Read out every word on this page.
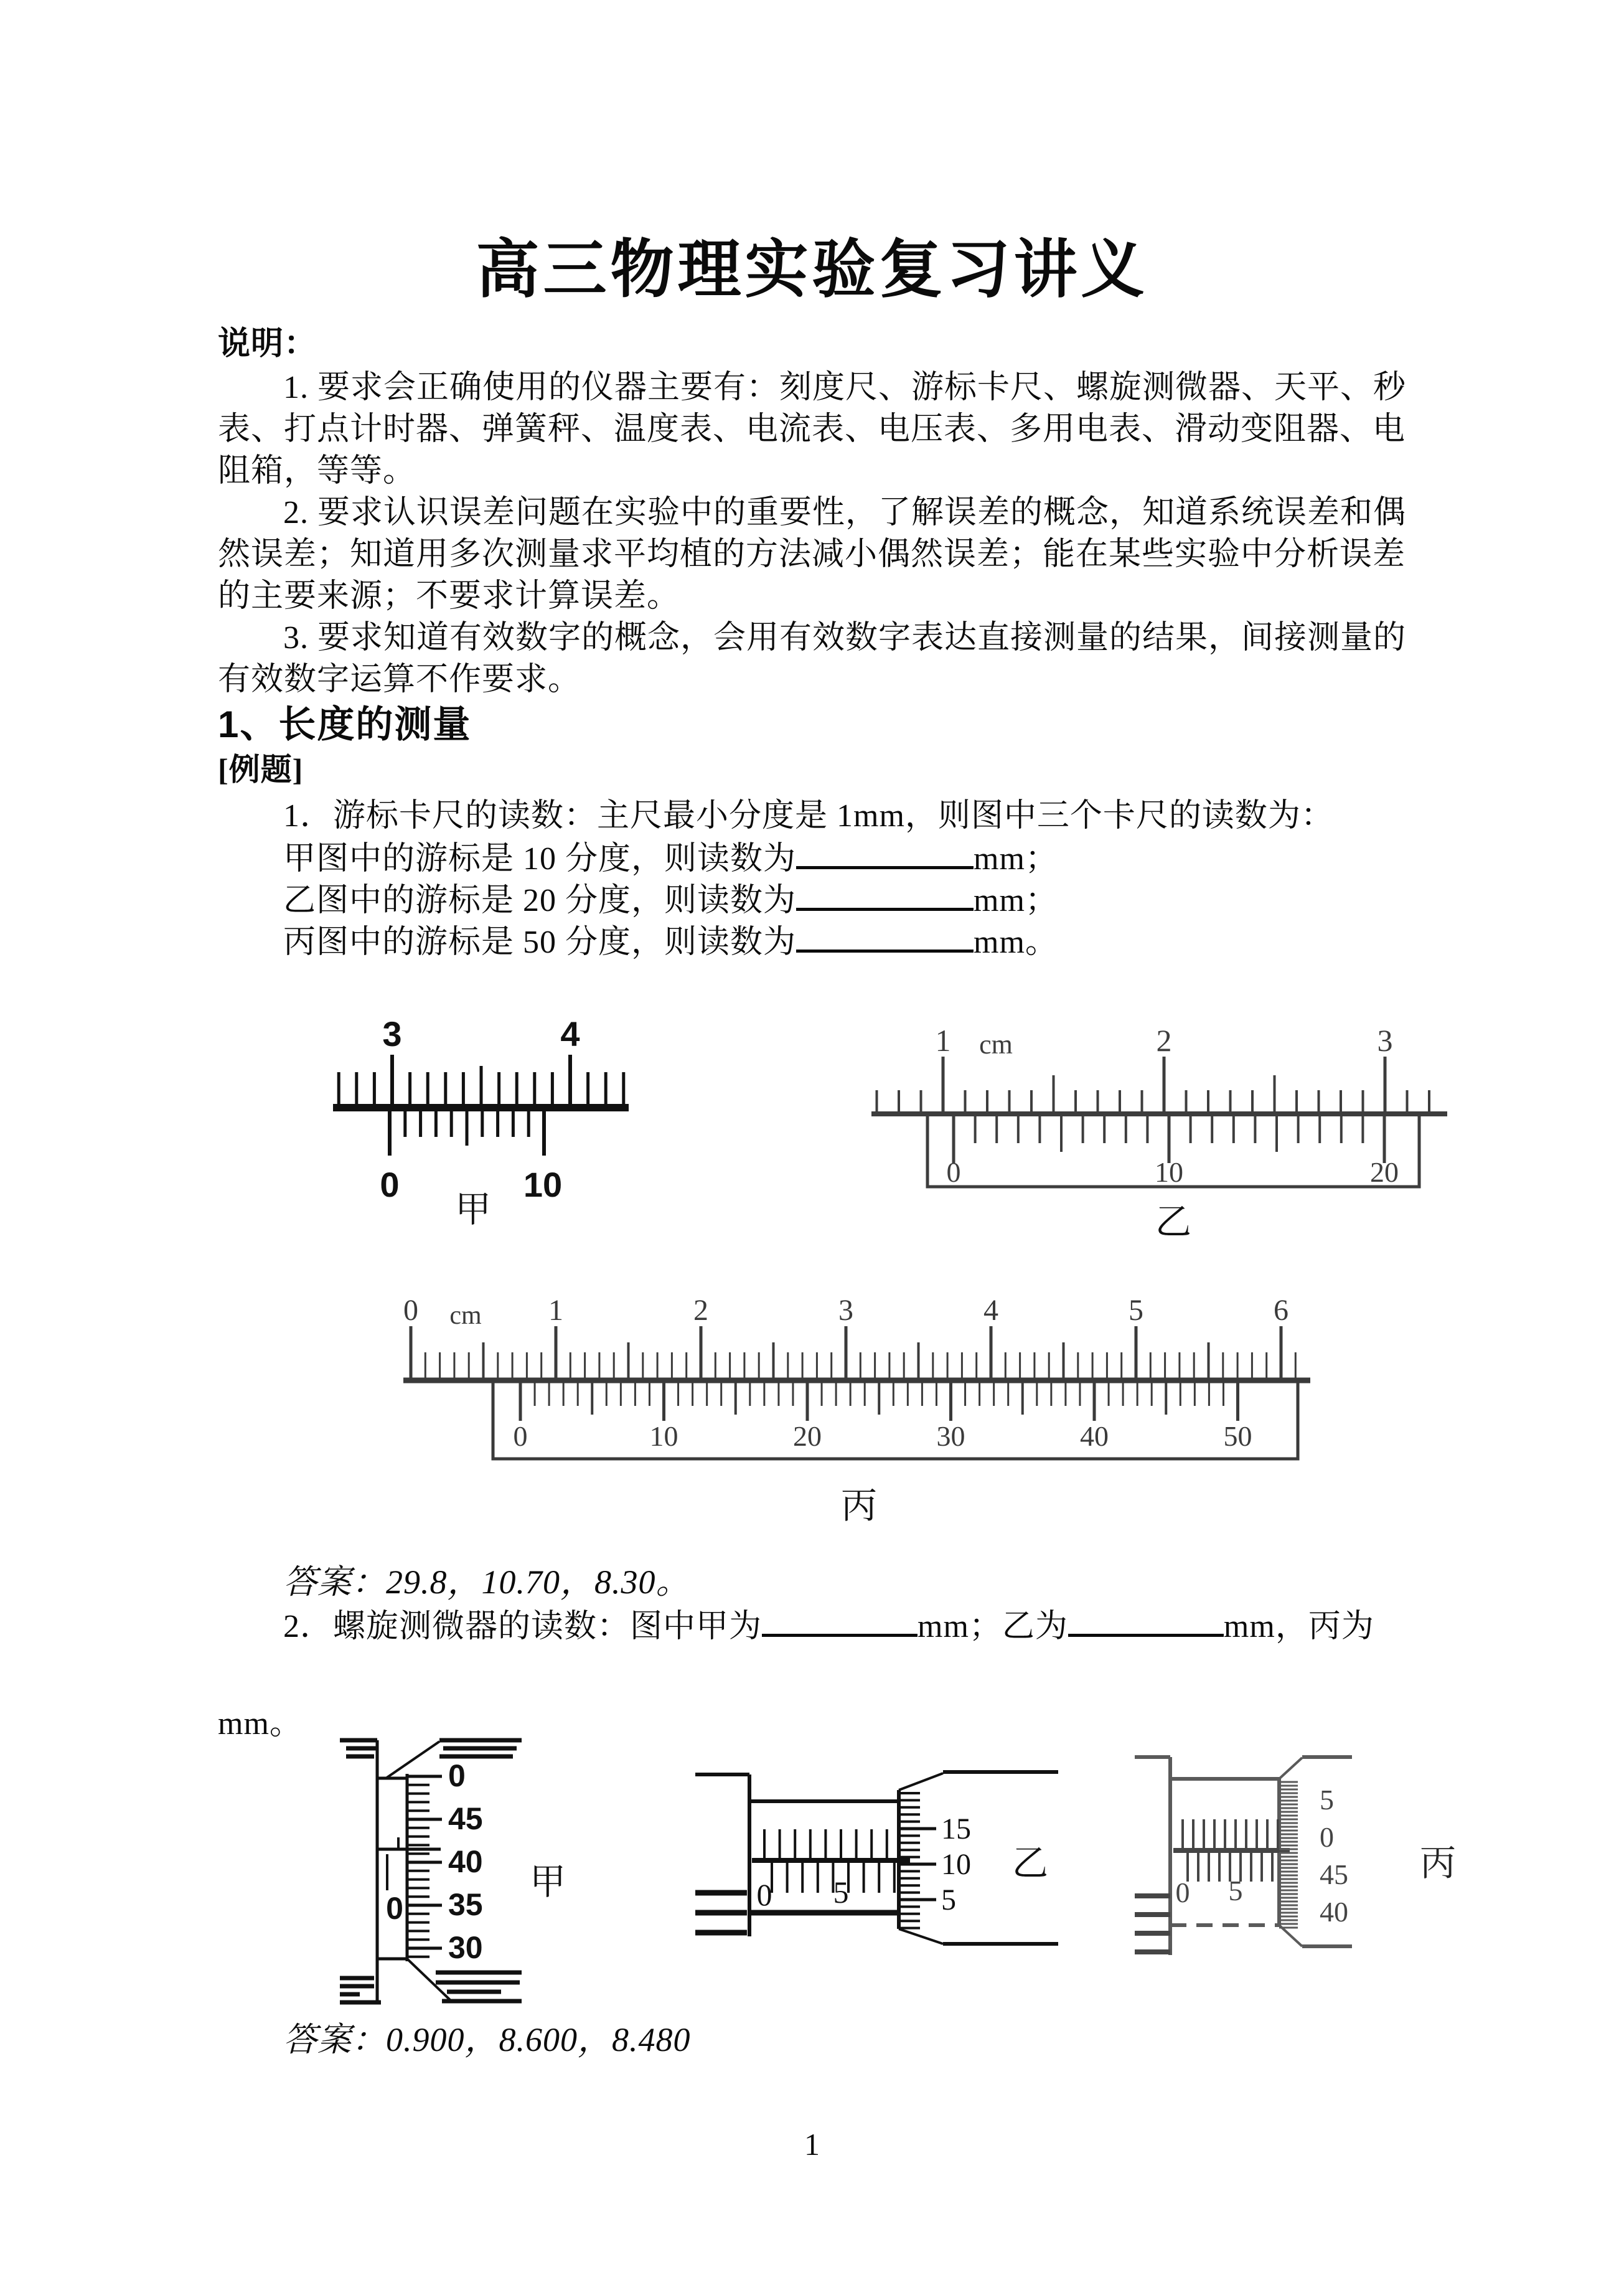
高三物理实验复习讲义
说明：
1. 要求会正确使用的仪器主要有：刻度尺、游标卡尺、螺旋测微器、天平、秒
表、打点计时器、弹簧秤、温度表、电流表、电压表、多用电表、滑动变阻器、电
阻箱，等等。
2. 要求认识误差问题在实验中的重要性，了解误差的概念，知道系统误差和偶
然误差；知道用多次测量求平均植的方法减小偶然误差；能在某些实验中分析误差
的主要来源；不要求计算误差。
3. 要求知道有效数字的概念，会用有效数字表达直接测量的结果，间接测量的
有效数字运算不作要求。
1、长度的测量
[例题]
1．游标卡尺的读数：主尺最小分度是 1mm，则图中三个卡尺的读数为：
甲图中的游标是 10 分度，则读数为	mm；
乙图中的游标是 20 分度，则读数为	mm；
丙图中的游标是 50 分度，则读数为	mm。
答案：29.8，10.70，8.30。
2．螺旋测微器的读数：图中甲为	mm；乙为	mm，丙为
mm。
答案：0.900，8.600，8.480
1
3	4
0	10
甲
1	2	3
cm
0	10	20
乙
0	1	2	3	4	5	6
cm
0	10	20	30	40	50
丙
0
0
45
40
35
30
甲	0 5
15
10
5
乙
0 5
5
0
45
40
丙
